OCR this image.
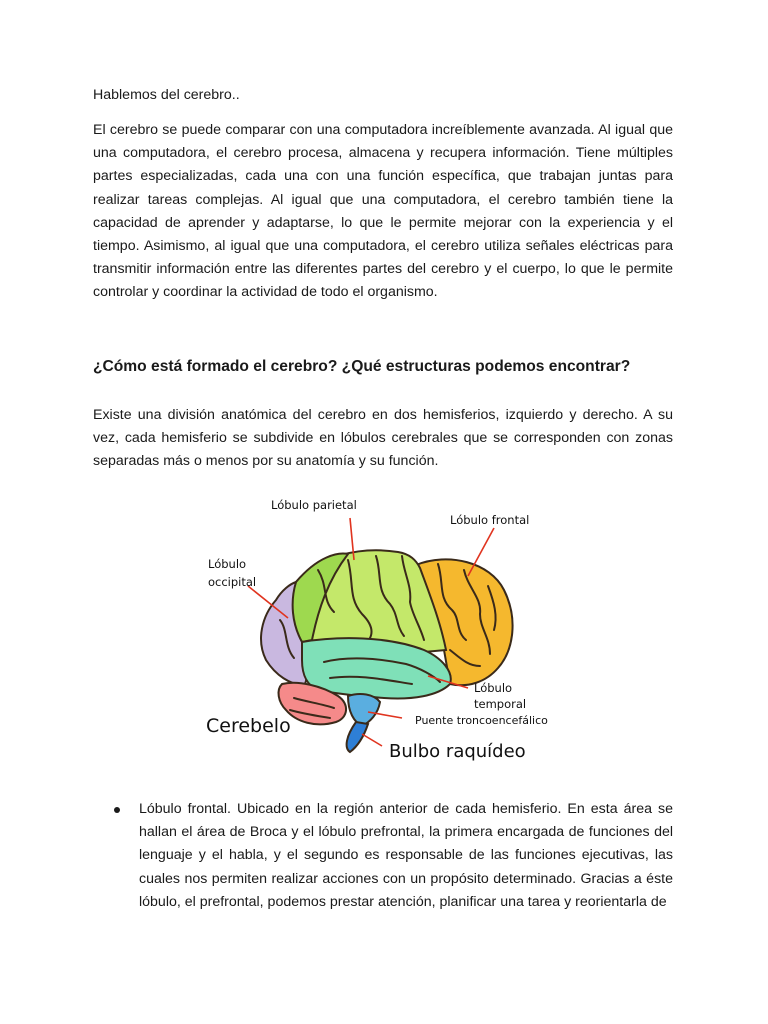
Hablemos del cerebro..

El cerebro se puede comparar con una computadora increíblemente avanzada. Al igual que una computadora, el cerebro procesa, almacena y recupera información. Tiene múltiples partes especializadas, cada una con una función específica, que trabajan juntas para realizar tareas complejas. Al igual que una computadora, el cerebro también tiene la capacidad de aprender y adaptarse, lo que le permite mejorar con la experiencia y el tiempo. Asimismo, al igual que una computadora, el cerebro utiliza señales eléctricas para transmitir información entre las diferentes partes del cerebro y el cuerpo, lo que le permite controlar y coordinar la actividad de todo el organismo.

¿Cómo está formado el cerebro? ¿Qué estructuras podemos encontrar?

Existe una división anatómica del cerebro en dos hemisferios, izquierdo y derecho. A su vez, cada hemisferio se subdivide en lóbulos cerebrales que se corresponden con zonas separadas más o menos por su anatomía y su función.

Lóbulo parietal
Lóbulo frontal
Lóbulo
occipital
Lóbulo
temporal
Puente troncoencefálico
Cerebelo
Bulbo raquídeo

Lóbulo frontal. Ubicado en la región anterior de cada hemisferio. En esta área se hallan el área de Broca y el lóbulo prefrontal, la primera encargada de funciones del lenguaje y el habla, y el segundo es responsable de las funciones ejecutivas, las cuales nos permiten realizar acciones con un propósito determinado. Gracias a éste lóbulo, el prefrontal, podemos prestar atención, planificar una tarea y reorientarla de
